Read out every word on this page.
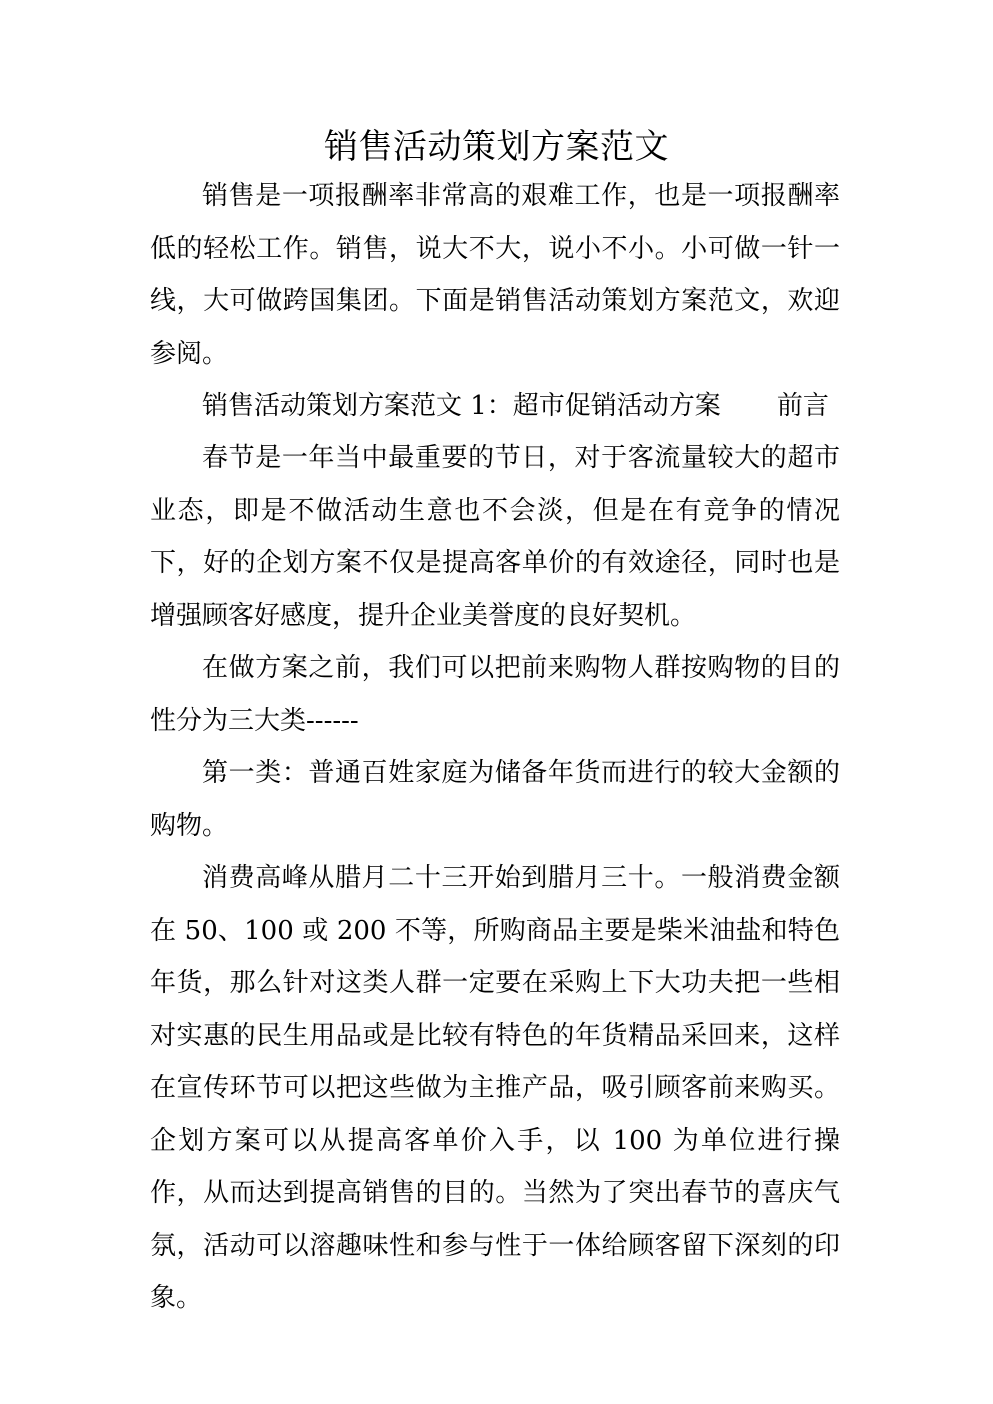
销售活动策划方案范文

销售是一项报酬率非常高的艰难工作，也是一项报酬率低的轻松工作。销售，说大不大，说小不小。小可做一针一线，大可做跨国集团。下面是销售活动策划方案范文，欢迎参阅。

销售活动策划方案范文 1：超市促销活动方案 前言

春节是一年当中最重要的节日，对于客流量较大的超市业态，即是不做活动生意也不会淡，但是在有竞争的情况下，好的企划方案不仅是提高客单价的有效途径，同时也是增强顾客好感度，提升企业美誉度的良好契机。

在做方案之前，我们可以把前来购物人群按购物的目的性分为三大类------

第一类：普通百姓家庭为储备年货而进行的较大金额的购物。

消费高峰从腊月二十三开始到腊月三十。一般消费金额在 50、100 或 200 不等，所购商品主要是柴米油盐和特色年货，那么针对这类人群一定要在采购上下大功夫把一些相对实惠的民生用品或是比较有特色的年货精品采回来，这样在宣传环节可以把这些做为主推产品，吸引顾客前来购买。企划方案可以从提高客单价入手，以 100 为单位进行操作，从而达到提高销售的目的。当然为了突出春节的喜庆气氛，活动可以溶趣味性和参与性于一体给顾客留下深刻的印象。
